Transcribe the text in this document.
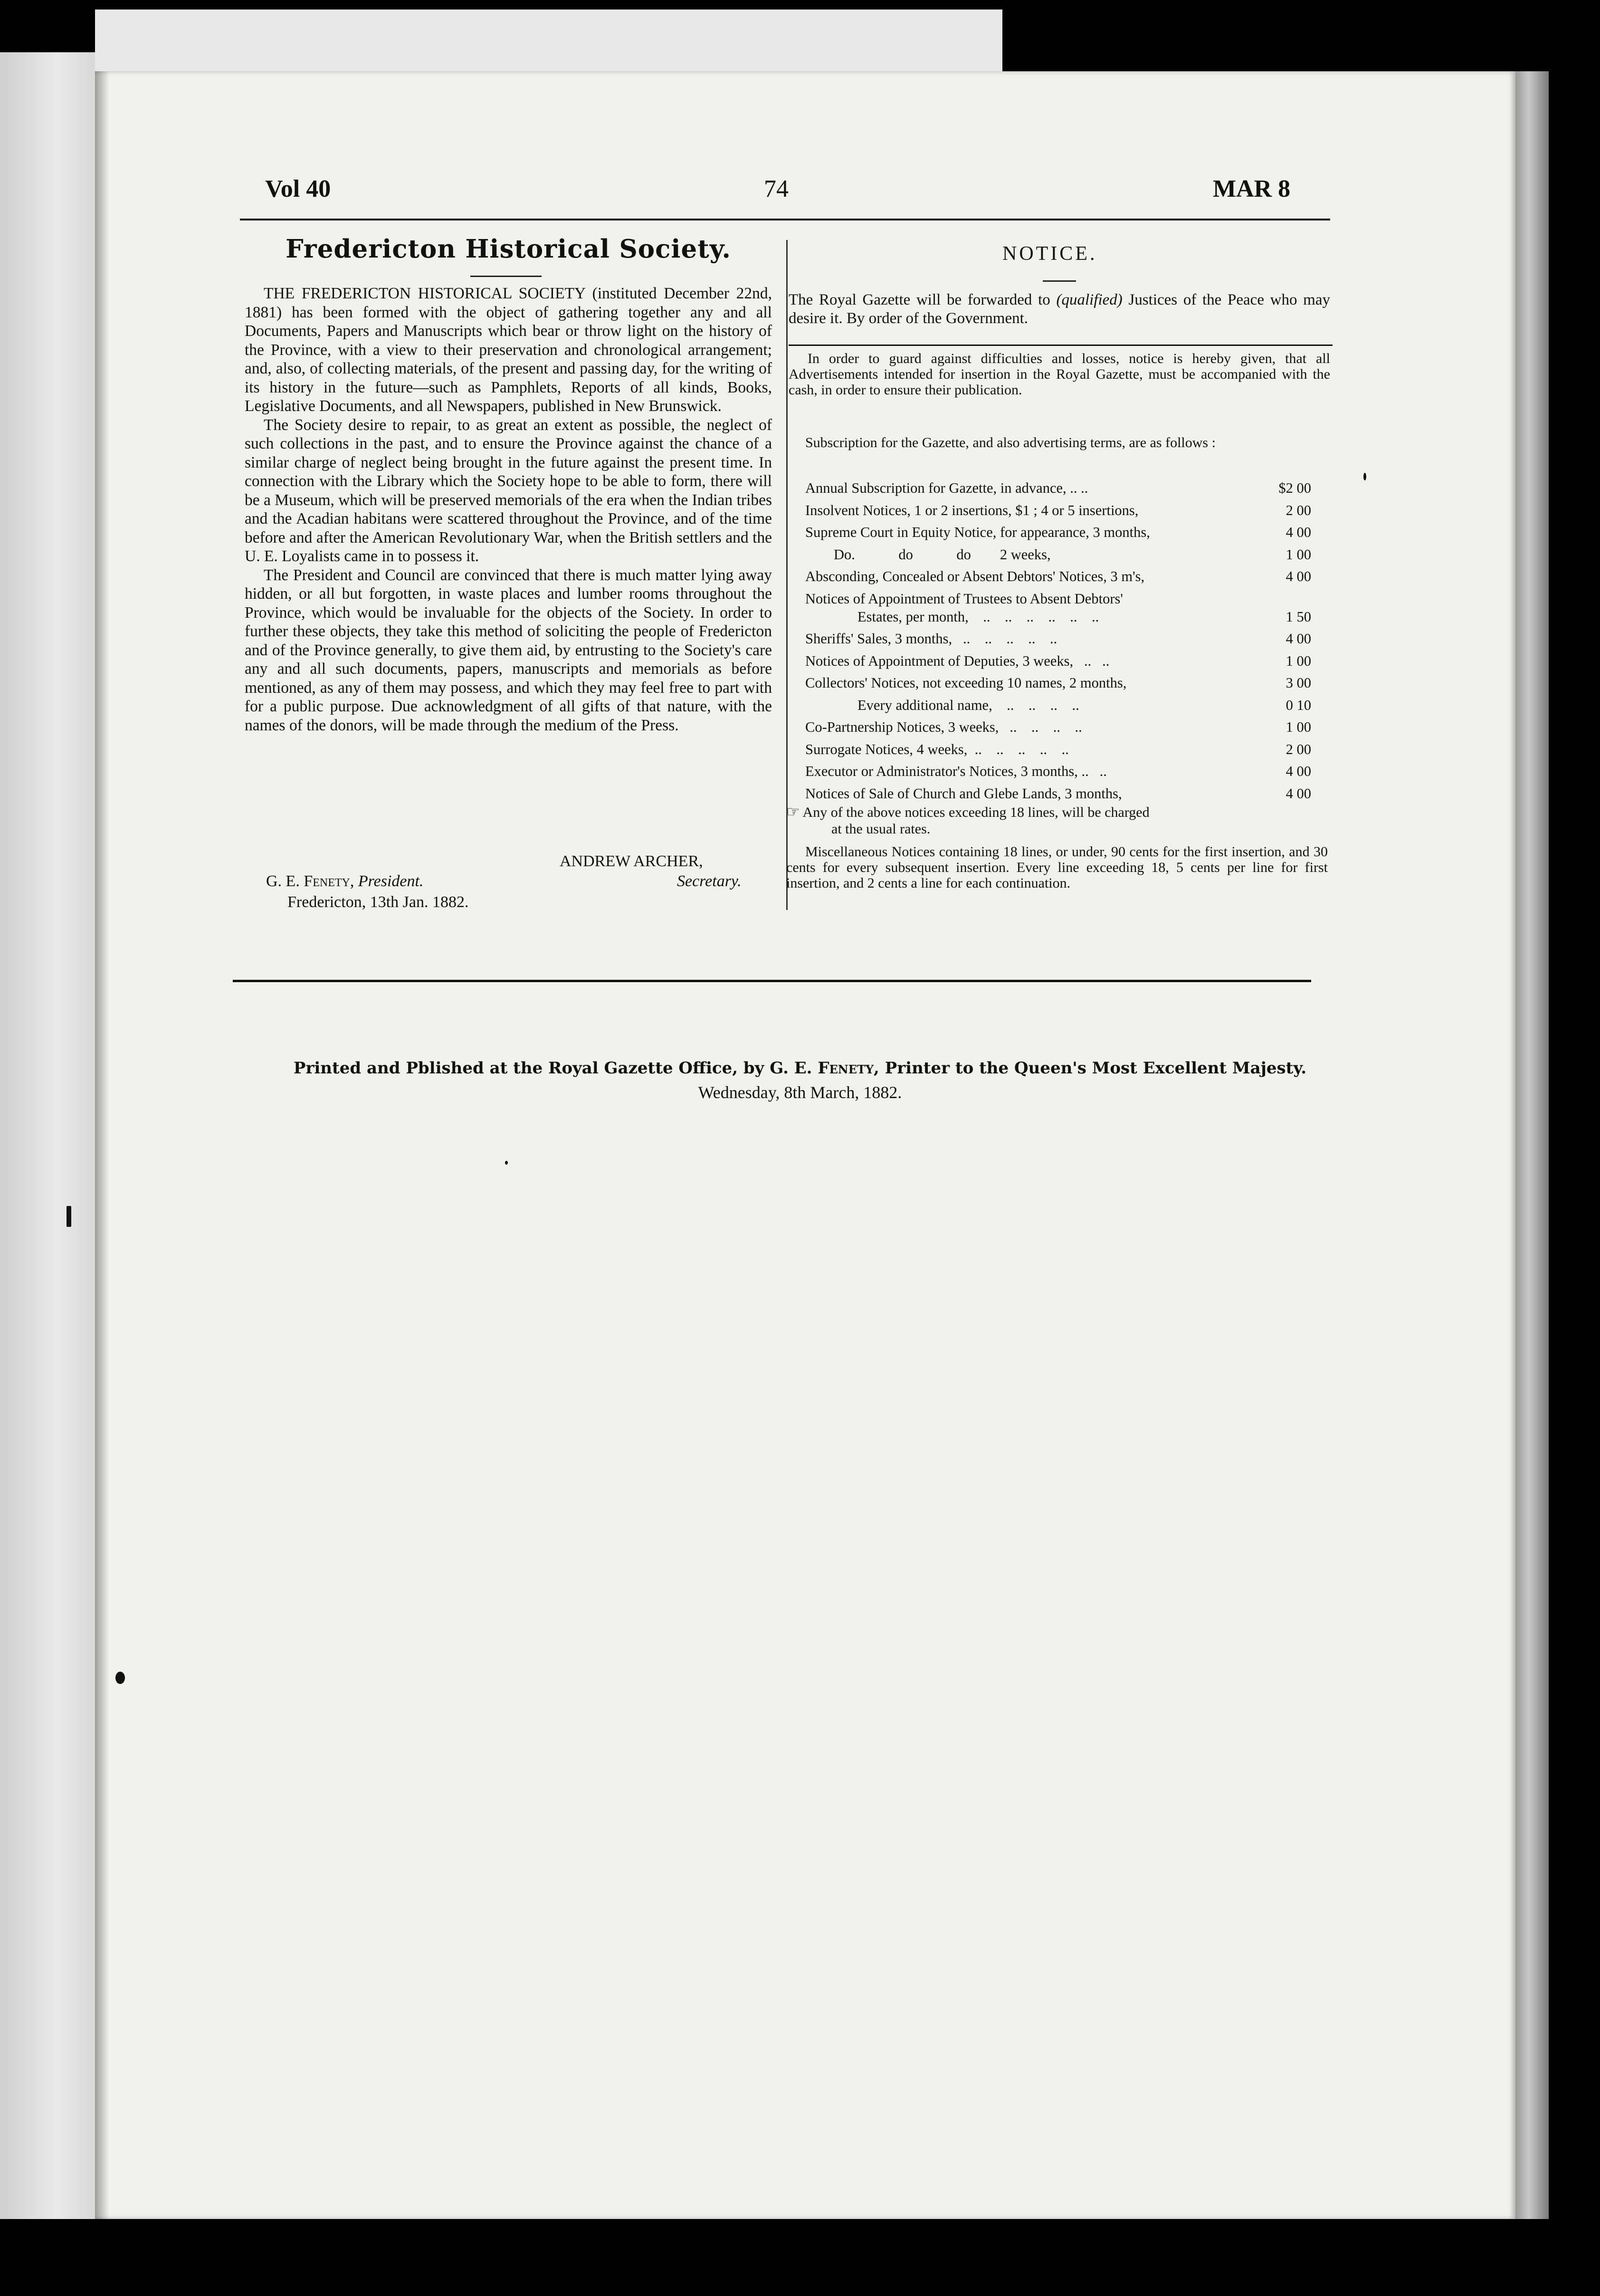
Vol 40	74	MAR 8
Fredericton Historical Society.

THE FREDERICTON HISTORICAL SOCIETY (instituted December 22nd, 1881) has been formed with the object of gathering together any and all Documents, Papers and Manuscripts which bear or throw light on the history of the Province, with a view to their preservation and chronological arrangement; and, also, of collecting materials, of the present and passing day, for the writing of its history in the future—such as Pamphlets, Reports of all kinds, Books, Legislative Documents, and all Newspapers, published in New Brunswick.

The Society desire to repair, to as great an extent as possible, the neglect of such collections in the past, and to ensure the Province against the chance of a similar charge of neglect being brought in the future against the present time. In connection with the Library which the Society hope to be able to form, there will be a Museum, which will be preserved memorials of the era when the Indian tribes and the Acadian habitans were scattered throughout the Province, and of the time before and after the American Revolutionary War, when the British settlers and the U. E. Loyalists came in to possess it.

The President and Council are convinced that there is much matter lying away hidden, or all but forgotten, in waste places and lumber rooms throughout the Province, which would be invaluable for the objects of the Society. In order to further these objects, they take this method of soliciting the people of Fredericton and of the Province generally, to give them aid, by entrusting to the Society's care any and all such documents, papers, manuscripts and memorials as before mentioned, as any of them may possess, and which they may feel free to part with for a public purpose. Due acknowledgment of all gifts of that nature, with the names of the donors, will be made through the medium of the Press.

ANDREW ARCHER,
G. E. Fenety, President.	Secretary.
Fredericton, 13th Jan. 1882.
NOTICE.
The Royal Gazette will be forwarded to (qualified) Justices of the Peace who may desire it. By order of the Government.
In order to guard against difficulties and losses, notice is hereby given, that all Advertisements intended for insertion in the Royal Gazette, must be accompanied with the cash, in order to ensure their publication.
Subscription for the Gazette, and also advertising terms, are as follows :
Annual Subscription for Gazette, in advance, .. ..	$2 00
Insolvent Notices, 1 or 2 insertions, $1 ; 4 or 5 insertions,	2 00
Supreme Court in Equity Notice, for appearance, 3 months,	4 00
Do.            do            do        2 weeks,	1 00
Absconding, Concealed or Absent Debtors' Notices, 3 m's,	4 00
Notices of Appointment of Trustees to Absent Debtors'
Estates, per month,    ..    ..    ..    ..    ..    ..	1 50
Sheriffs' Sales, 3 months,   ..    ..    ..    ..    ..	4 00
Notices of Appointment of Deputies, 3 weeks,   ..   ..	1 00
Collectors' Notices, not exceeding 10 names, 2 months,	3 00
Every additional name,    ..    ..    ..    ..	0 10
Co-Partnership Notices, 3 weeks,   ..    ..    ..    ..	1 00
Surrogate Notices, 4 weeks,  ..    ..    ..    ..    ..	2 00
Executor or Administrator's Notices, 3 months, ..   ..	4 00
Notices of Sale of Church and Glebe Lands, 3 months,	4 00
☞ Any of the above notices exceeding 18 lines, will be charged
at the usual rates.
Miscellaneous Notices containing 18 lines, or under, 90 cents for the first insertion, and 30 cents for every subsequent insertion. Every line exceeding 18, 5 cents per line for first insertion, and 2 cents a line for each continuation.
Printed and Pblished at the Royal Gazette Office, by G. E. Fenety, Printer to the Queen's Most Excellent Majesty.
Wednesday, 8th March, 1882.
